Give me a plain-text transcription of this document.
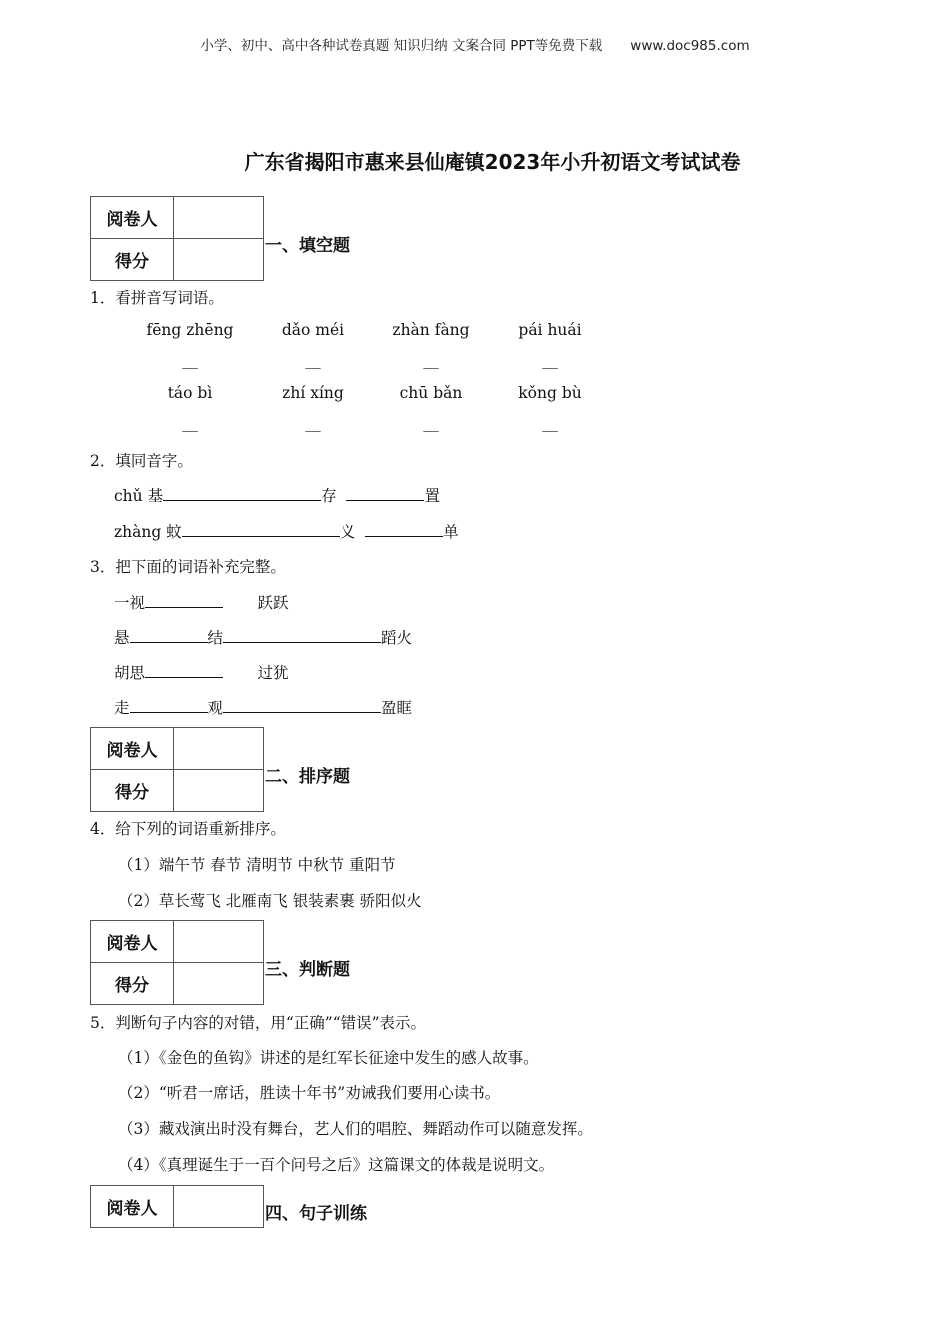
小学、初中、高中各种试卷真题 知识归纳 文案合同 PPT等免费下载 www.doc985.com
广东省揭阳市惠来县仙庵镇2023年小升初语文考试试卷
阅卷人	
得分	
一、填空题
1．看拼音写词语。
fēng zhēng	dǎo méi	zhàn fàng	pái huái
__	__	__	__
táo bì	zhí xíng	chū bǎn	kǒng bù
__	__	__	__
2．填同音字。
chǔ 基	存	置
zhàng 蚊	义	单
3．把下面的词语补充完整。
一视	跃跃
悬	结	蹈火
胡思	过犹
走	观	盈眶
阅卷人	
得分	
二、排序题
4．给下列的词语重新排序。
（1）端午节 春节 清明节 中秋节 重阳节
（2）草长莺飞 北雁南飞 银装素裹 骄阳似火
阅卷人	
得分	
三、判断题
5．判断句子内容的对错，用“正确”“错误”表示。
（1）《金色的鱼钩》讲述的是红军长征途中发生的感人故事。
（2）“听君一席话，胜读十年书”劝诫我们要用心读书。
（3）藏戏演出时没有舞台，艺人们的唱腔、舞蹈动作可以随意发挥。
（4）《真理诞生于一百个问号之后》这篇课文的体裁是说明文。
阅卷人		四、句子训练
